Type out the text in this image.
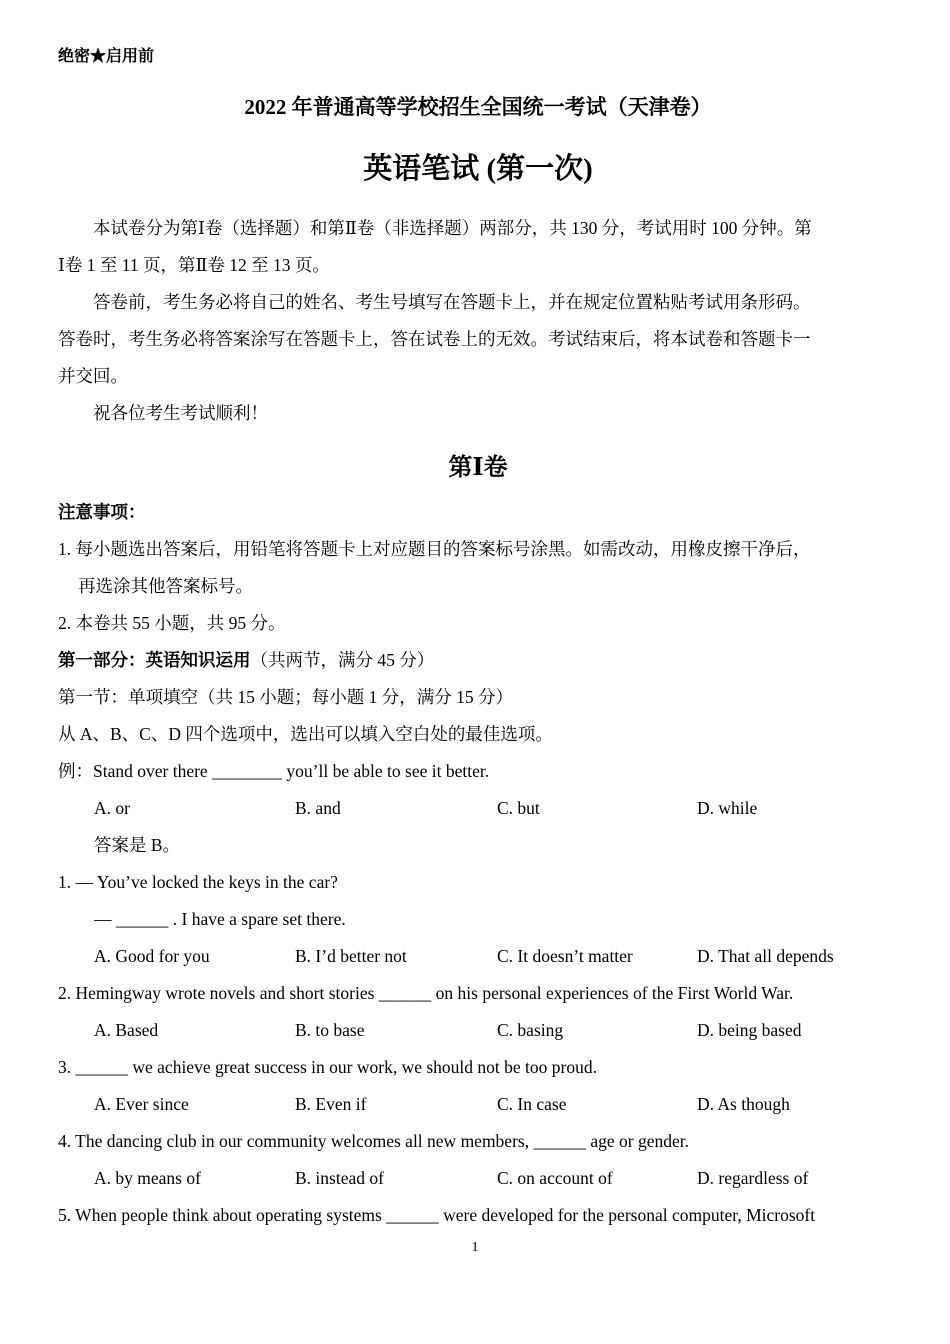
绝密★启用前
2022 年普通高等学校招生全国统一考试（天津卷）
英语笔试 (第一次)
本试卷分为第Ⅰ卷（选择题）和第Ⅱ卷（非选择题）两部分，共 130 分，考试用时 100 分钟。第
Ⅰ卷 1 至 11 页，第Ⅱ卷 12 至 13 页。
答卷前，考生务必将自己的姓名、考生号填写在答题卡上，并在规定位置粘贴考试用条形码。
答卷时，考生务必将答案涂写在答题卡上，答在试卷上的无效。考试结束后，将本试卷和答题卡一
并交回。
祝各位考生考试顺利！
第Ⅰ卷
注意事项：
1. 每小题选出答案后，用铅笔将答题卡上对应题目的答案标号涂黑。如需改动，用橡皮擦干净后，
再选涂其他答案标号。
2. 本卷共 55 小题，共 95 分。
第一部分：英语知识运用（共两节，满分 45 分）
第一节：单项填空（共 15 小题；每小题 1 分，满分 15 分）
从 A、B、C、D 四个选项中，选出可以填入空白处的最佳选项。
例：Stand over there ________ you’ll be able to see it better.
A. or	B. and	C. but	D. while
答案是 B。
1. — You’ve locked the keys in the car?
— ______ . I have a spare set there.
A. Good for you	B. I’d better not	C. It doesn’t matter	D. That all depends
2. Hemingway wrote novels and short stories ______ on his personal experiences of the First World War.
A. Based	B. to base	C. basing	D. being based
3. ______ we achieve great success in our work, we should not be too proud.
A. Ever since	B. Even if	C. In case	D. As though
4. The dancing club in our community welcomes all new members, ______ age or gender.
A. by means of	B. instead of	C. on account of	D. regardless of
5. When people think about operating systems ______ were developed for the personal computer, Microsoft
1
